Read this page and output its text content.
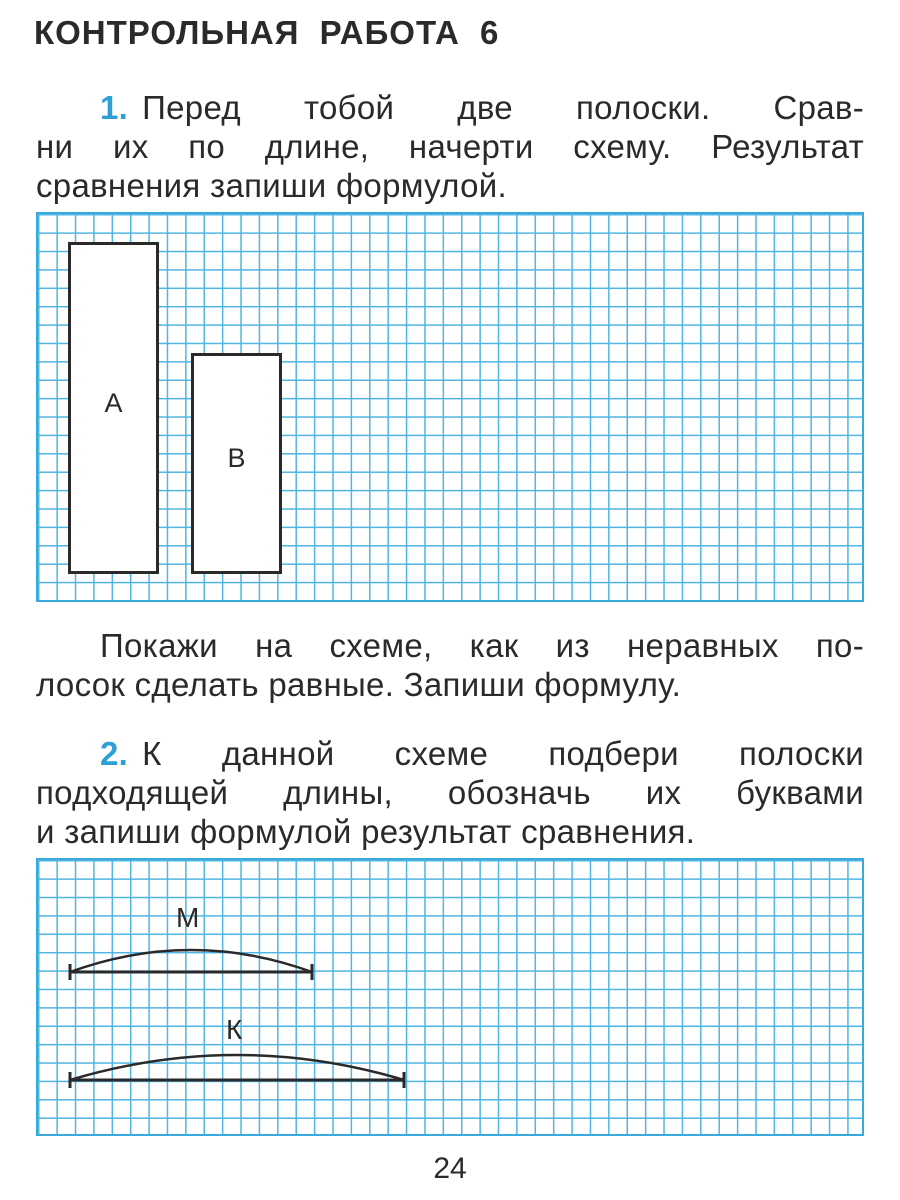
КОНТРОЛЬНАЯ РАБОТА 6
1. Перед тобой две полоски. Срав-
ни их по длине, начерти схему. Результат
сравнения запиши формулой.
А
В
Покажи на схеме, как из неравных по-
лосок сделать равные. Запиши формулу.
2. К данной схеме подбери полоски
подходящей длины, обозначь их буквами
и запиши формулой результат сравнения.
М
К
24
